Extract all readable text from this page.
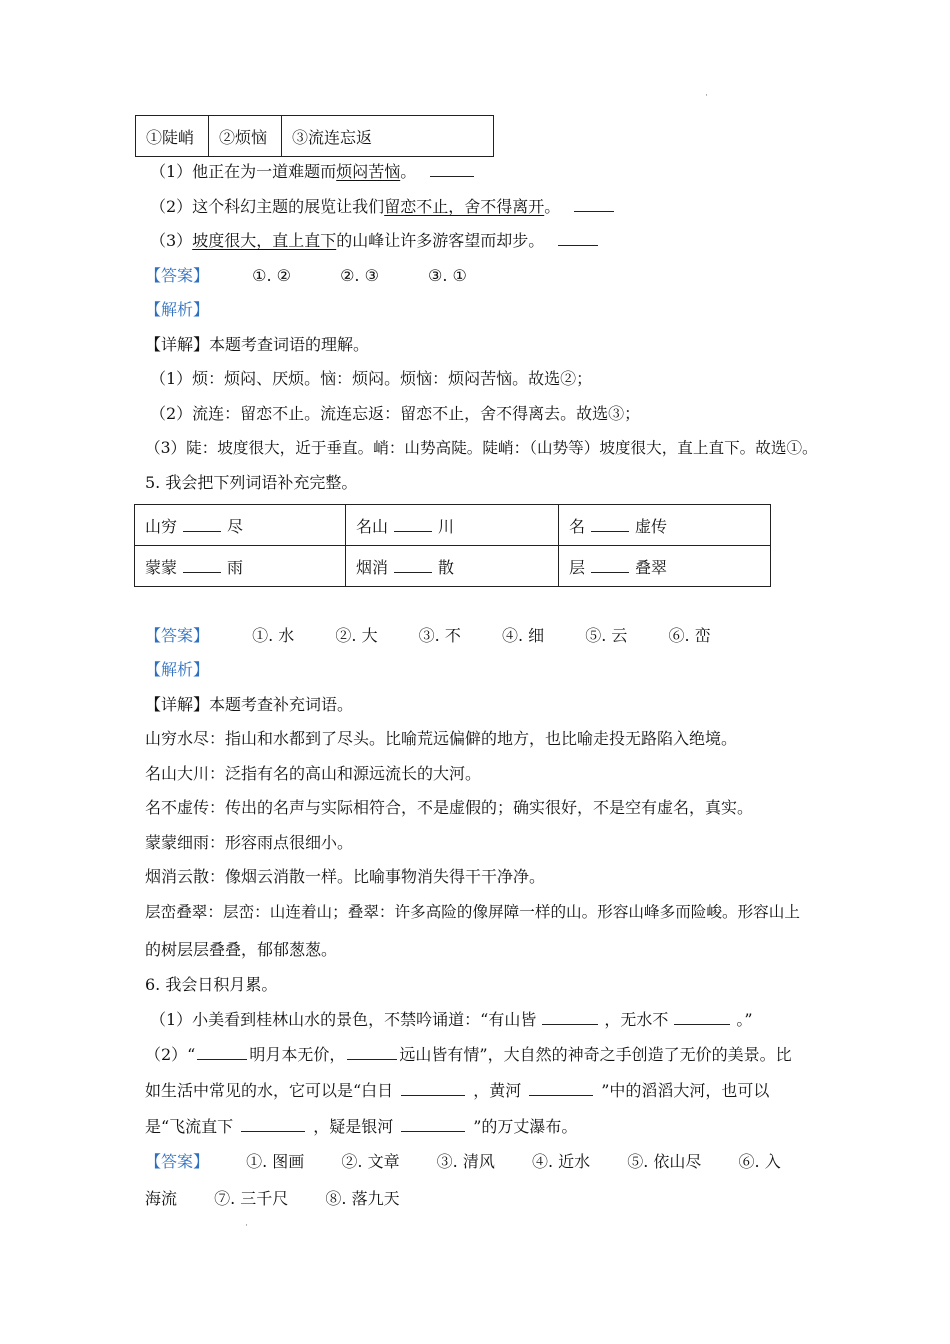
˙
①陡峭	②烦恼	③流连忘返
（1）他正在为一道难题而烦闷苦恼。
（2）这个科幻主题的展览让我们留恋不止，舍不得离开。
（3）坡度很大，直上直下的山峰让许多游客望而却步。
【答案】	①. ②	②. ③	③. ①
【解析】
【详解】本题考查词语的理解。
（1）烦：烦闷、厌烦。恼：烦闷。烦恼：烦闷苦恼。故选②；
（2）流连：留恋不止。流连忘返：留恋不止，舍不得离去。故选③；
（3）陡：坡度很大，近于垂直。峭：山势高陡。陡峭：（山势等）坡度很大，直上直下。故选①。
5. 我会把下列词语补充完整。
山穷 尽	名山 川	名 虚传
蒙蒙 雨	烟消 散	层 叠翠
【答案】	①. 水	②. 大	③. 不	④. 细	⑤. 云	⑥. 峦
【解析】
【详解】本题考查补充词语。
山穷水尽：指山和水都到了尽头。比喻荒远偏僻的地方，也比喻走投无路陷入绝境。
名山大川：泛指有名的高山和源远流长的大河。
名不虚传：传出的名声与实际相符合，不是虚假的；确实很好，不是空有虚名，真实。
蒙蒙细雨：形容雨点很细小。
烟消云散：像烟云消散一样。比喻事物消失得干干净净。
层峦叠翠：层峦：山连着山；叠翠：许多高险的像屏障一样的山。形容山峰多而险峻。形容山上
的树层层叠叠，郁郁葱葱。
6. 我会日积月累。
（1）小美看到桂林山水的景色，不禁吟诵道：“有山皆	，无水不	。”
（2）“	明月本无价，	远山皆有情”，大自然的神奇之手创造了无价的美景。比
如生活中常见的水，它可以是“白日	，黄河	”中的滔滔大河，也可以
是“飞流直下	，疑是银河	”的万丈瀑布。
【答案】 ①. 图画 ②. 文章 ③. 清风 ④. 近水 ⑤. 依山尽 ⑥. 入
海流 ⑦. 三千尺 ⑧. 落九天
˙
